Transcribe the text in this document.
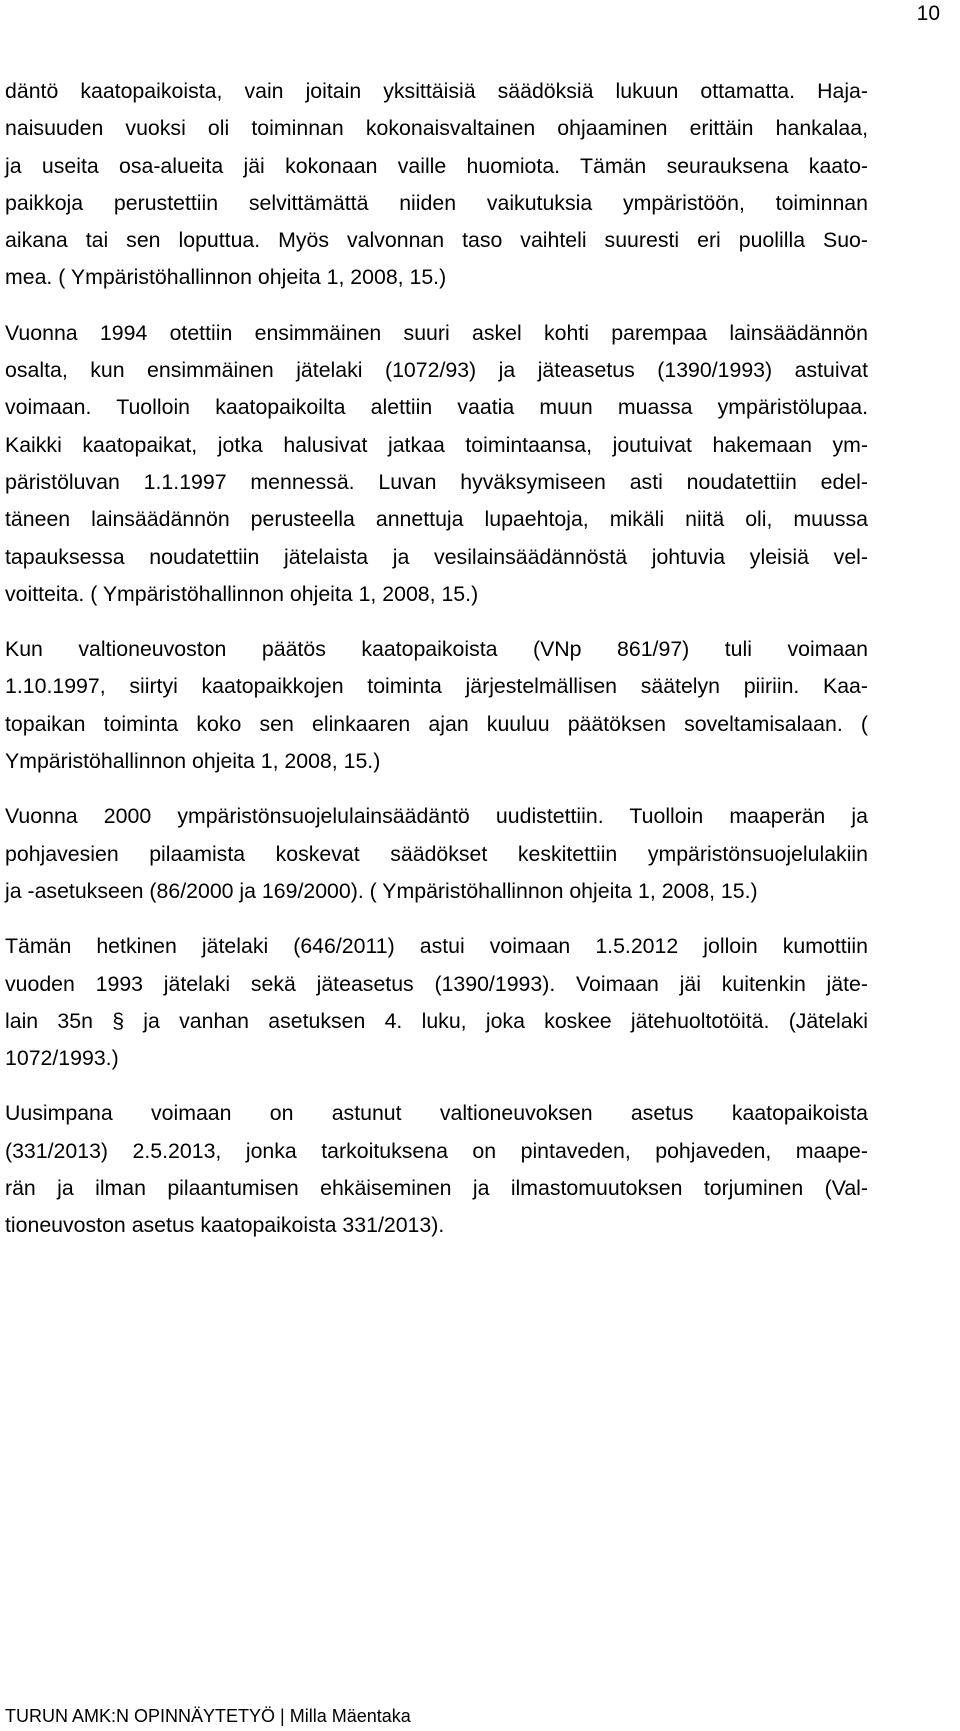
10
däntö kaatopaikoista, vain joitain yksittäisiä säädöksiä lukuun ottamatta. Haja-
naisuuden vuoksi oli toiminnan kokonaisvaltainen ohjaaminen erittäin hankalaa,
ja useita osa-alueita jäi kokonaan vaille huomiota. Tämän seurauksena kaato-
paikkoja perustettiin selvittämättä niiden vaikutuksia ympäristöön, toiminnan
aikana tai sen loputtua. Myös valvonnan taso vaihteli suuresti eri puolilla Suo-
mea. ( Ympäristöhallinnon ohjeita 1, 2008, 15.)
Vuonna 1994 otettiin ensimmäinen suuri askel kohti parempaa lainsäädännön
osalta, kun ensimmäinen jätelaki (1072/93) ja jäteasetus (1390/1993) astuivat
voimaan. Tuolloin kaatopaikoilta alettiin vaatia muun muassa ympäristölupaa.
Kaikki kaatopaikat, jotka halusivat jatkaa toimintaansa, joutuivat hakemaan ym-
päristöluvan 1.1.1997 mennessä. Luvan hyväksymiseen asti noudatettiin edel-
täneen lainsäädännön perusteella annettuja lupaehtoja, mikäli niitä oli, muussa
tapauksessa noudatettiin jätelaista ja vesilainsäädännöstä johtuvia yleisiä vel-
voitteita. ( Ympäristöhallinnon ohjeita 1, 2008, 15.)
Kun valtioneuvoston päätös kaatopaikoista (VNp 861/97) tuli voimaan
1.10.1997, siirtyi kaatopaikkojen toiminta järjestelmällisen säätelyn piiriin. Kaa-
topaikan toiminta koko sen elinkaaren ajan kuuluu päätöksen soveltamisalaan. (
Ympäristöhallinnon ohjeita 1, 2008, 15.)
Vuonna 2000 ympäristönsuojelulainsäädäntö uudistettiin. Tuolloin maaperän ja
pohjavesien pilaamista koskevat säädökset keskitettiin ympäristönsuojelulakiin
ja -asetukseen (86/2000 ja 169/2000). ( Ympäristöhallinnon ohjeita 1, 2008, 15.)
Tämän hetkinen jätelaki (646/2011) astui voimaan 1.5.2012 jolloin kumottiin
vuoden 1993 jätelaki sekä jäteasetus (1390/1993). Voimaan jäi kuitenkin jäte-
lain 35n § ja vanhan asetuksen 4. luku, joka koskee jätehuoltotöitä. (Jätelaki
1072/1993.)
Uusimpana voimaan on astunut valtioneuvoksen asetus kaatopaikoista
(331/2013) 2.5.2013, jonka tarkoituksena on pintaveden, pohjaveden, maape-
rän ja ilman pilaantumisen ehkäiseminen ja ilmastomuutoksen torjuminen (Val-
tioneuvoston asetus kaatopaikoista 331/2013).
TURUN AMK:N OPINNÄYTETYÖ | Milla Mäentaka
